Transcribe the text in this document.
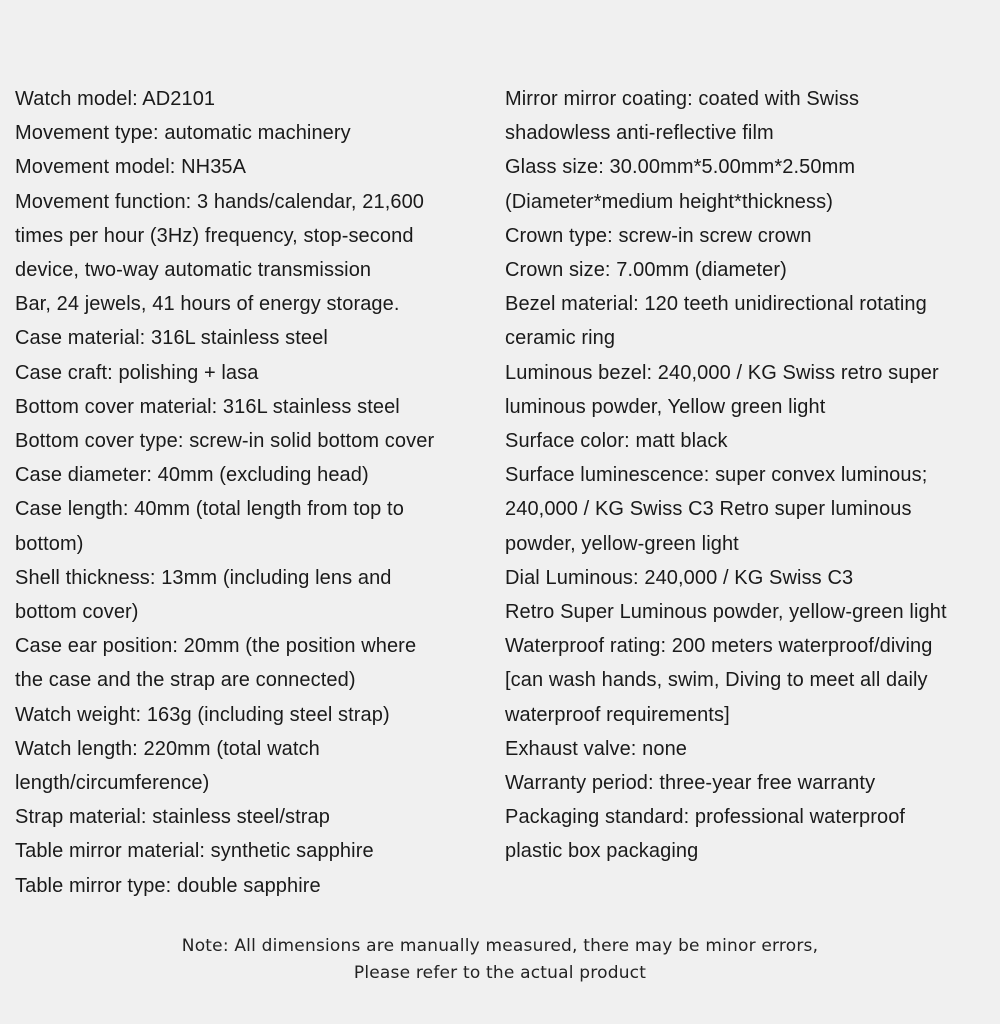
Watch model: AD2101

Movement type: automatic machinery

Movement model: NH35A

Movement function: 3 hands/calendar, 21,600
times per hour (3Hz) frequency, stop-second
device, two-way automatic transmission

Bar, 24 jewels, 41 hours of energy storage.

Case material: 316L stainless steel

Case craft: polishing + lasa

Bottom cover material: 316L stainless steel

Bottom cover type: screw-in solid bottom cover

Case diameter: 40mm (excluding head)

Case length: 40mm (total length from top to
bottom)

Shell thickness: 13mm (including lens and
bottom cover)

Case ear position: 20mm (the position where
the case and the strap are connected)

Watch weight: 163g (including steel strap)

Watch length: 220mm (total watch
length/circumference)

Strap material: stainless steel/strap

Table mirror material: synthetic sapphire

Table mirror type: double sapphire

Mirror mirror coating: coated with Swiss
shadowless anti-reflective film

Glass size: 30.00mm*5.00mm*2.50mm
(Diameter*medium height*thickness)

Crown type: screw-in screw crown

Crown size: 7.00mm (diameter)

Bezel material: 120 teeth unidirectional rotating
ceramic ring

Luminous bezel: 240,000 / KG Swiss retro super
luminous powder, Yellow green light

Surface color: matt black

Surface luminescence: super convex luminous;
240,000 / KG Swiss C3 Retro super luminous
powder, yellow-green light

Dial Luminous: 240,000 / KG Swiss C3
Retro Super Luminous powder, yellow-green light

Waterproof rating: 200 meters waterproof/diving
[can wash hands, swim, Diving to meet all daily
waterproof requirements]

Exhaust valve: none

Warranty period: three-year free warranty

Packaging standard: professional waterproof
plastic box packaging

Note: All dimensions are manually measured, there may be minor errors,

Please refer to the actual product
